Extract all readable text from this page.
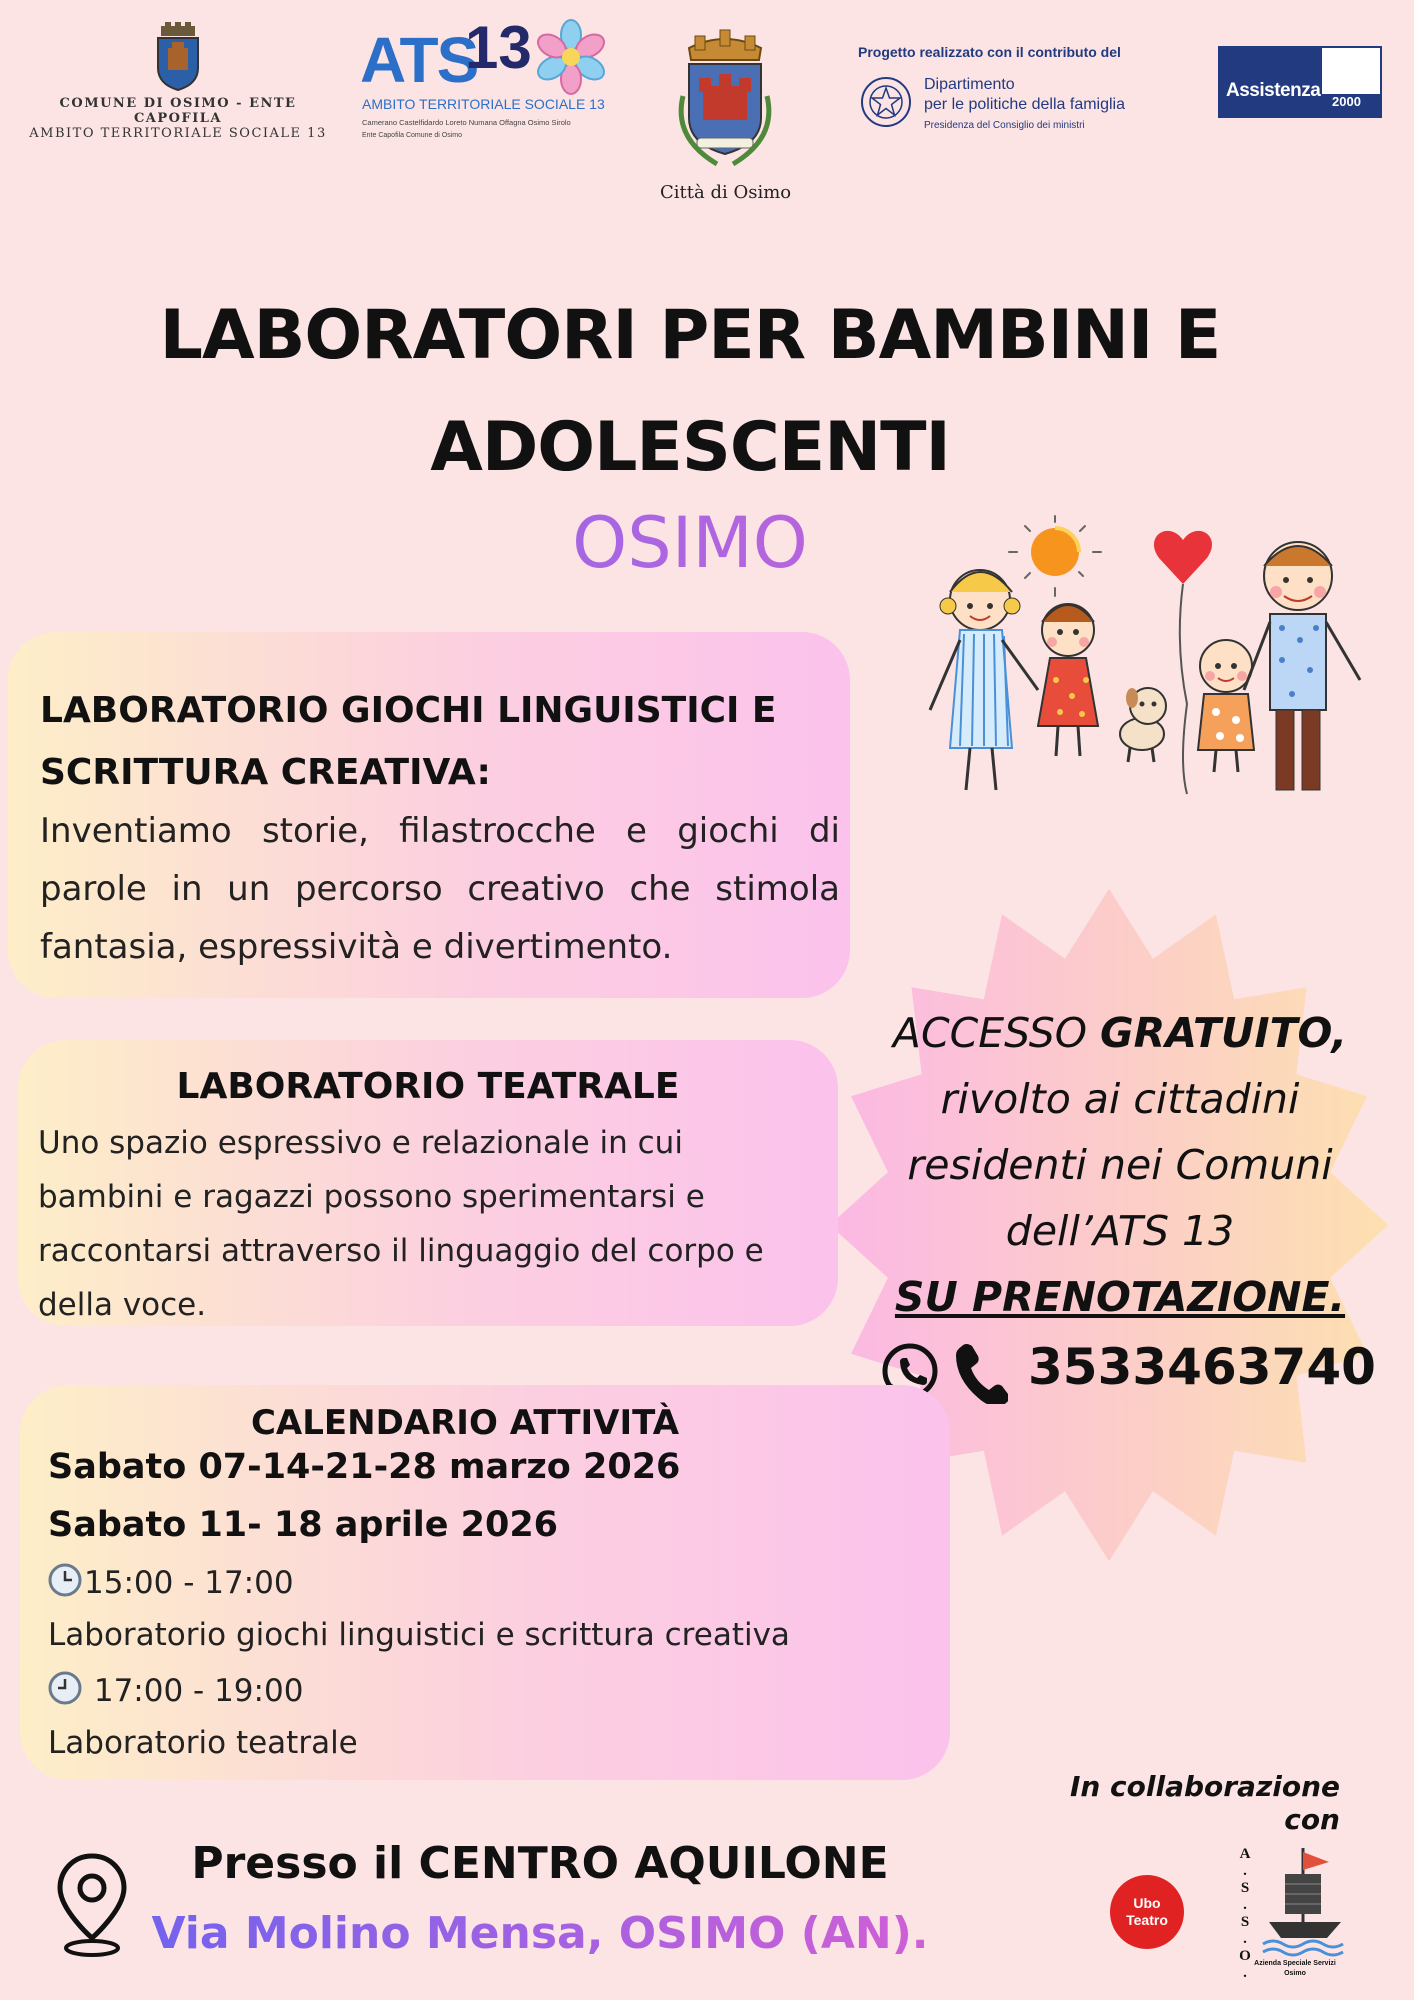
COMUNE DI OSIMO - ENTE CAPOFILA
AMBITO TERRITORIALE SOCIALE 13
ATS
13
AMBITO TERRITORIALE SOCIALE 13
Camerano Castelfidardo Loreto Numana Offagna Osimo Sirolo
Ente Capofila Comune di Osimo
Città di Osimo
Progetto realizzato con il contributo del
Dipartimento
per le politiche della famiglia
Presidenza del Consiglio dei ministri
Assistenza
2000
LABORATORI PER BAMBINI E
ADOLESCENTI
OSIMO
ACCESSO GRATUITO,
rivolto ai cittadini
residenti nei Comuni
dell’ATS 13
SU PRENOTAZIONE.
3533463740
LABORATORIO GIOCHI LINGUISTICI E
SCRITTURA CREATIVA:
Inventiamo storie, filastrocche e giochi di parole in un percorso creativo che stimola fantasia, espressività e divertimento.
LABORATORIO TEATRALE
Uno spazio espressivo e relazionale in cui
bambini e ragazzi possono sperimentarsi e
raccontarsi attraverso il linguaggio del corpo e
della voce.
CALENDARIO ATTIVITÀ
Sabato 07-14-21-28 marzo 2026
Sabato 11- 18 aprile 2026
15:00 - 17:00
Laboratorio giochi linguistici e scrittura creativa
17:00 - 19:00
Laboratorio teatrale
In collaborazione con
Presso il CENTRO AQUILONE
Via Molino Mensa, OSIMO (AN).
Ubo
Teatro
A
.
S
.
S
.
O
.
Azienda Speciale Servizi
Osimo
